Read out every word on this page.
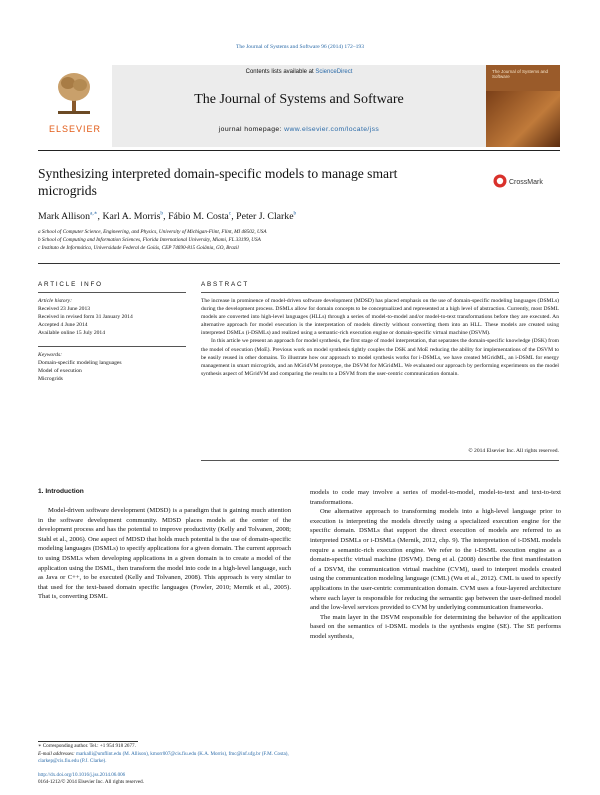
The Journal of Systems and Software 96 (2014) 172–193
ELSEVIER
Contents lists available at ScienceDirect
The Journal of Systems and Software
journal homepage: www.elsevier.com/locate/jss
The Journal of Systems and Software
Synthesizing interpreted domain-specific models to manage smart microgrids
CrossMark
Mark Allison$^{a,∗}$, Karl A. Morris$^b$, Fábio M. Costa$^c$, Peter J. Clarke$^b$
a School of Computer Science, Engineering, and Physics, University of Michigan-Flint, Flint, MI 48502, USA
b School of Computing and Information Sciences, Florida International University, Miami, FL 33199, USA
c Instituto de Informática, Universidade Federal de Goiás, CEP 74690-815 Goiânia, GO, Brazil
ARTICLE INFO
Article history:
Received 23 June 2013
Received in revised form 31 January 2014
Accepted 4 June 2014
Available online 15 July 2014
Keywords:
Domain-specific modeling languages
Model of execution
Microgrids
ABSTRACT

The increase in prominence of model-driven software development (MDSD) has placed emphasis on the use of domain-specific modeling languages (DSMLs) during the development process. DSMLs allow for domain concepts to be conceptualized and represented at a high level of abstraction. Currently, most DSML models are converted into high-level languages (HLLs) through a series of model-to-model and/or model-to-text transformations before they are executed. An alternative approach for model execution is the interpretation of models directly without converting them into an HLL. These models are created using interpreted DSMLs (i-DSMLs) and realized using a semantic-rich execution engine or domain-specific virtual machine (DSVM).

In this article we present an approach for model synthesis, the first stage of model interpretation, that separates the domain-specific knowledge (DSK) from the model of execution (MoE). Previous work on model synthesis tightly couples the DSK and MoE reducing the ability for implementations of the DSVM to be easily reused in other domains. To illustrate how our approach to model synthesis works for i-DSMLs, we have created MGridML, an i-DSML for energy management in smart microgrids, and an MGridVM prototype, the DSVM for MGridML. We evaluated our approach by performing experiments on the model synthesis aspect of MGridVM and comparing the results to a DSVM from the user-centric communication domain.

© 2014 Elsevier Inc. All rights reserved.
1. Introduction

Model-driven software development (MDSD) is a paradigm that is gaining much attention in the software development community. MDSD places models at the center of the development process and has the potential to improve productivity (Kelly and Tolvanen, 2008; Stahl et al., 2006). One aspect of MDSD that holds much potential is the use of domain-specific modeling languages (DSMLs) to specify applications for a given domain. The current approach to using DSMLs when developing applications in a given domain is to create a model of the application using the DSML, then transform the model into code in a high-level language, such as Java or C++, to be executed (Kelly and Tolvanen, 2008). This approach is very similar to that used for the text-based domain specific languages (Fowler, 2010; Mernik et al., 2005). That is, converting DSML

models to code may involve a series of model-to-model, model-to-text and text-to-text transformations.

One alternative approach to transforming models into a high-level language prior to execution is interpreting the models directly using a specialized execution engine for the specific domain. DSMLs that support the direct execution of models are referred to as interpreted DSMLs or i-DSMLs (Mernik, 2012, chp. 9). The interpretation of i-DSML models require a semantic-rich execution engine. We refer to the i-DSML execution engine as a domain-specific virtual machine (DSVM). Deng et al. (2008) describe the first manifestation of a DSVM, the communication virtual machine (CVM), used to interpret models created using the communication modeling language (CML) (Wu et al., 2012). CML is used to specify applications in the user-centric communication domain. CVM uses a four-layered architecture where each layer is responsible for reducing the semantic gap between the user-defined model and the low-level services provided to CVM by underlying communication frameworks.

The main layer in the DSVM responsible for determining the behavior of the application based on the semantics of i-DSML models is the synthesis engine (SE). The SE performs model synthesis,

∗ Corresponding author. Tel.: +1 954 918 2677.
E-mail addresses: markalli@umflint.edu (M. Allison), kmorr007@cis.fiu.edu (K.A. Morris), fmc@inf.ufg.br (F.M. Costa), clarkep@cis.fiu.edu (P.J. Clarke).
http://dx.doi.org/10.1016/j.jss.2014.06.006
0164-1212/© 2014 Elsevier Inc. All rights reserved.
